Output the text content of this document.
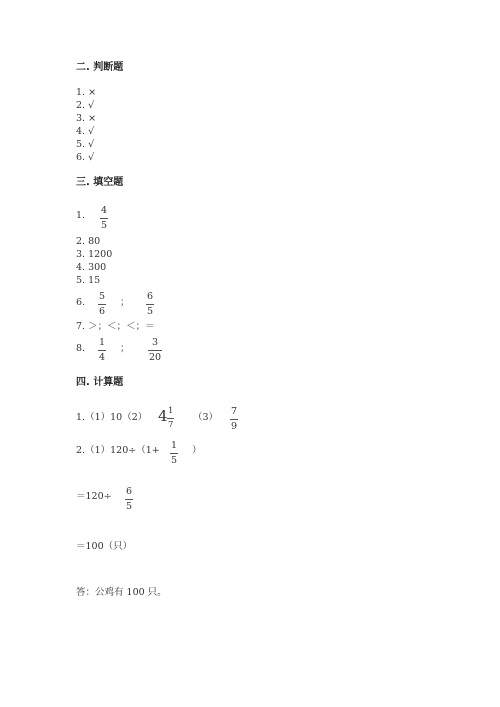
二. 判断题
1. ×
2. √
3. ×
4. √
5. √
6. √
三. 填空题
1. 4
5
2. 80
3. 1200
4. 300
5. 15
6.
5
6
；
6
5
7. ＞；＜；＜；＝
8.
1
4
；
3
20
四. 计算题
1.（1）10（2） 4 1
7
（3）
7
9
2.（1）120÷（1+ 1
5
）
＝120÷ 6
5
＝100（只）
答：公鸡有 100 只。
